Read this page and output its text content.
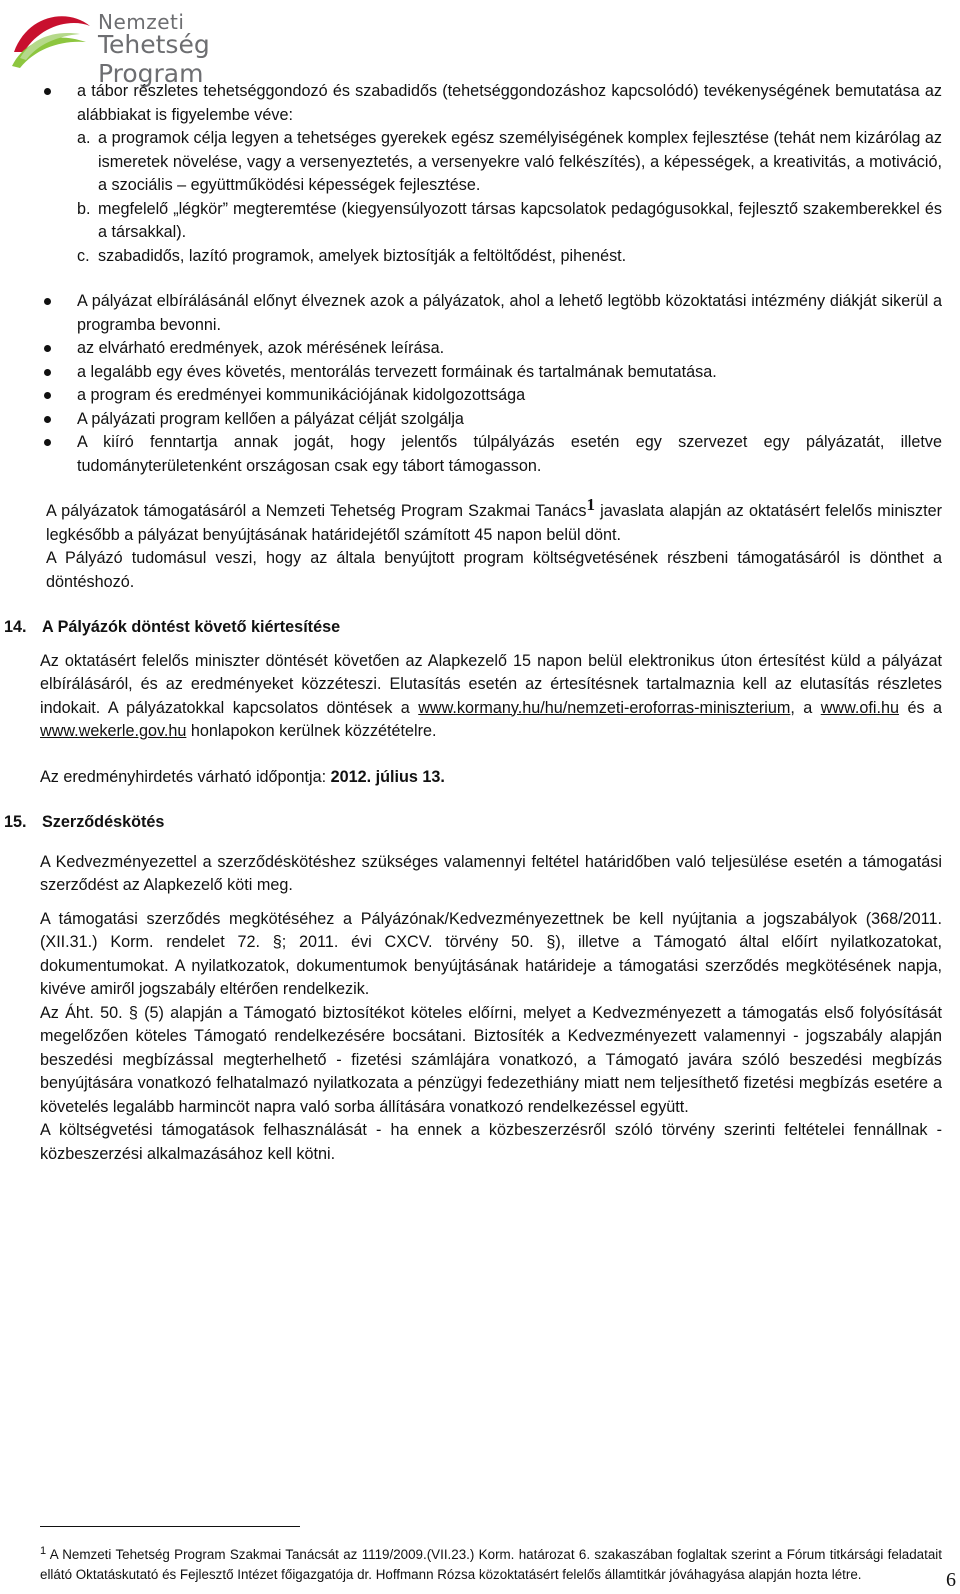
Nemzeti
Tehetség Program
a tábor részletes tehetséggondozó és szabadidős (tehetséggondozáshoz kapcsolódó) tevékenységének bemutatása az alábbiakat is figyelembe véve:
a. a programok célja legyen a tehetséges gyerekek egész személyiségének komplex fejlesztése (tehát nem kizárólag az ismeretek növelése, vagy a versenyeztetés, a versenyekre való felkészítés), a képességek, a kreativitás, a motiváció, a szociális – együttműködési képességek fejlesztése.
b. megfelelő „légkör” megteremtése (kiegyensúlyozott társas kapcsolatok pedagógusokkal, fejlesztő szakemberekkel és a társakkal).
c. szabadidős, lazító programok, amelyek biztosítják a feltöltődést, pihenést.
A pályázat elbírálásánál előnyt élveznek azok a pályázatok, ahol a lehető legtöbb közoktatási intézmény diákját sikerül a programba bevonni.
az elvárható eredmények, azok mérésének leírása.
a legalább egy éves követés, mentorálás tervezett formáinak és tartalmának bemutatása.
a program és eredményei kommunikációjának kidolgozottsága
A pályázati program kellően a pályázat célját szolgálja
A kiíró fenntartja annak jogát, hogy jelentős túlpályázás esetén egy szervezet egy pályázatát, illetve tudományterületenként országosan csak egy tábort támogasson.

A pályázatok támogatásáról a Nemzeti Tehetség Program Szakmai Tanács$^1$ javaslata alapján az oktatásért felelős miniszter legkésőbb a pályázat benyújtásának határidejétől számított 45 napon belül dönt.

A Pályázó tudomásul veszi, hogy az általa benyújtott program költségvetésének részbeni támogatásáról is dönthet a döntéshozó.

14. A Pályázók döntést követő kiértesítése

Az oktatásért felelős miniszter döntését követően az Alapkezelő 15 napon belül elektronikus úton értesítést küld a pályázat elbírálásáról, és az eredményeket közzéteszi. Elutasítás esetén az értesítésnek tartalmaznia kell az elutasítás részletes indokait. A pályázatokkal kapcsolatos döntések a www.kormany.hu/hu/nemzeti-eroforras-miniszterium, a www.ofi.hu és a www.wekerle.gov.hu honlapokon kerülnek közzétételre.

Az eredményhirdetés várható időpontja: 2012. július 13.

15. Szerződéskötés

A Kedvezményezettel a szerződéskötéshez szükséges valamennyi feltétel határidőben való teljesülése esetén a támogatási szerződést az Alapkezelő köti meg.

A támogatási szerződés megkötéséhez a Pályázónak/Kedvezményezettnek be kell nyújtania a jogszabályok (368/2011. (XII.31.) Korm. rendelet 72. §; 2011. évi CXCV. törvény 50. §), illetve a Támogató által előírt nyilatkozatokat, dokumentumokat. A nyilatkozatok, dokumentumok benyújtásának határideje a támogatási szerződés megkötésének napja, kivéve amiről jogszabály eltérően rendelkezik.

Az Áht. 50. § (5) alapján a Támogató biztosítékot köteles előírni, melyet a Kedvezményezett a támogatás első folyósítását megelőzően köteles Támogató rendelkezésére bocsátani. Biztosíték a Kedvezményezett valamennyi - jogszabály alapján beszedési megbízással megterhelhető - fizetési számlájára vonatkozó, a Támogató javára szóló beszedési megbízás benyújtására vonatkozó felhatalmazó nyilatkozata a pénzügyi fedezethiány miatt nem teljesíthető fizetési megbízás esetére a követelés legalább harmincöt napra való sorba állítására vonatkozó rendelkezéssel együtt.

A költségvetési támogatások felhasználását - ha ennek a közbeszerzésről szóló törvény szerinti feltételei fennállnak - közbeszerzési alkalmazásához kell kötni.

$^1$ A Nemzeti Tehetség Program Szakmai Tanácsát az 1119/2009.(VII.23.) Korm. határozat 6. szakaszában foglaltak szerint a Fórum titkársági feladatait ellátó Oktatáskutató és Fejlesztő Intézet főigazgatója dr. Hoffmann Rózsa közoktatásért felelős államtitkár jóváhagyása alapján hozta létre.	6
